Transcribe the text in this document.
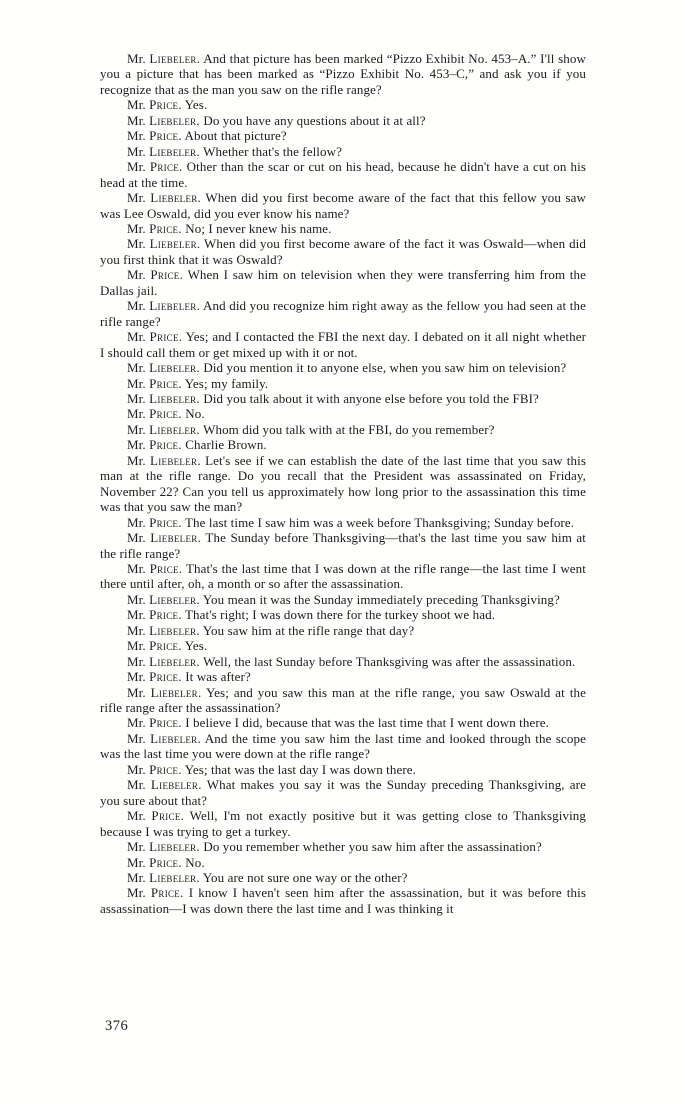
Mr. Liebeler. And that picture has been marked “Pizzo Exhibit No. 453–A.” I'll show you a picture that has been marked as “Pizzo Exhibit No. 453–C,” and ask you if you recognize that as the man you saw on the rifle range?

Mr. Price. Yes.

Mr. Liebeler. Do you have any questions about it at all?

Mr. Price. About that picture?

Mr. Liebeler. Whether that's the fellow?

Mr. Price. Other than the scar or cut on his head, because he didn't have a cut on his head at the time.

Mr. Liebeler. When did you first become aware of the fact that this fellow you saw was Lee Oswald, did you ever know his name?

Mr. Price. No; I never knew his name.

Mr. Liebeler. When did you first become aware of the fact it was Oswald—when did you first think that it was Oswald?

Mr. Price. When I saw him on television when they were transferring him from the Dallas jail.

Mr. Liebeler. And did you recognize him right away as the fellow you had seen at the rifle range?

Mr. Price. Yes; and I contacted the FBI the next day. I debated on it all night whether I should call them or get mixed up with it or not.

Mr. Liebeler. Did you mention it to anyone else, when you saw him on television?

Mr. Price. Yes; my family.

Mr. Liebeler. Did you talk about it with anyone else before you told the FBI?

Mr. Price. No.

Mr. Liebeler. Whom did you talk with at the FBI, do you remember?

Mr. Price. Charlie Brown.

Mr. Liebeler. Let's see if we can establish the date of the last time that you saw this man at the rifle range. Do you recall that the President was assassinated on Friday, November 22? Can you tell us approximately how long prior to the assassination this time was that you saw the man?

Mr. Price. The last time I saw him was a week before Thanksgiving; Sunday before.

Mr. Liebeler. The Sunday before Thanksgiving—that's the last time you saw him at the rifle range?

Mr. Price. That's the last time that I was down at the rifle range—the last time I went there until after, oh, a month or so after the assassination.

Mr. Liebeler. You mean it was the Sunday immediately preceding Thanksgiving?

Mr. Price. That's right; I was down there for the turkey shoot we had.

Mr. Liebeler. You saw him at the rifle range that day?

Mr. Price. Yes.

Mr. Liebeler. Well, the last Sunday before Thanksgiving was after the assassination.

Mr. Price. It was after?

Mr. Liebeler. Yes; and you saw this man at the rifle range, you saw Oswald at the rifle range after the assassination?

Mr. Price. I believe I did, because that was the last time that I went down there.

Mr. Liebeler. And the time you saw him the last time and looked through the scope was the last time you were down at the rifle range?

Mr. Price. Yes; that was the last day I was down there.

Mr. Liebeler. What makes you say it was the Sunday preceding Thanksgiving, are you sure about that?

Mr. Price. Well, I'm not exactly positive but it was getting close to Thanksgiving because I was trying to get a turkey.

Mr. Liebeler. Do you remember whether you saw him after the assassination?

Mr. Price. No.

Mr. Liebeler. You are not sure one way or the other?

Mr. Price. I know I haven't seen him after the assassination, but it was before this assassination—I was down there the last time and I was thinking it

376
